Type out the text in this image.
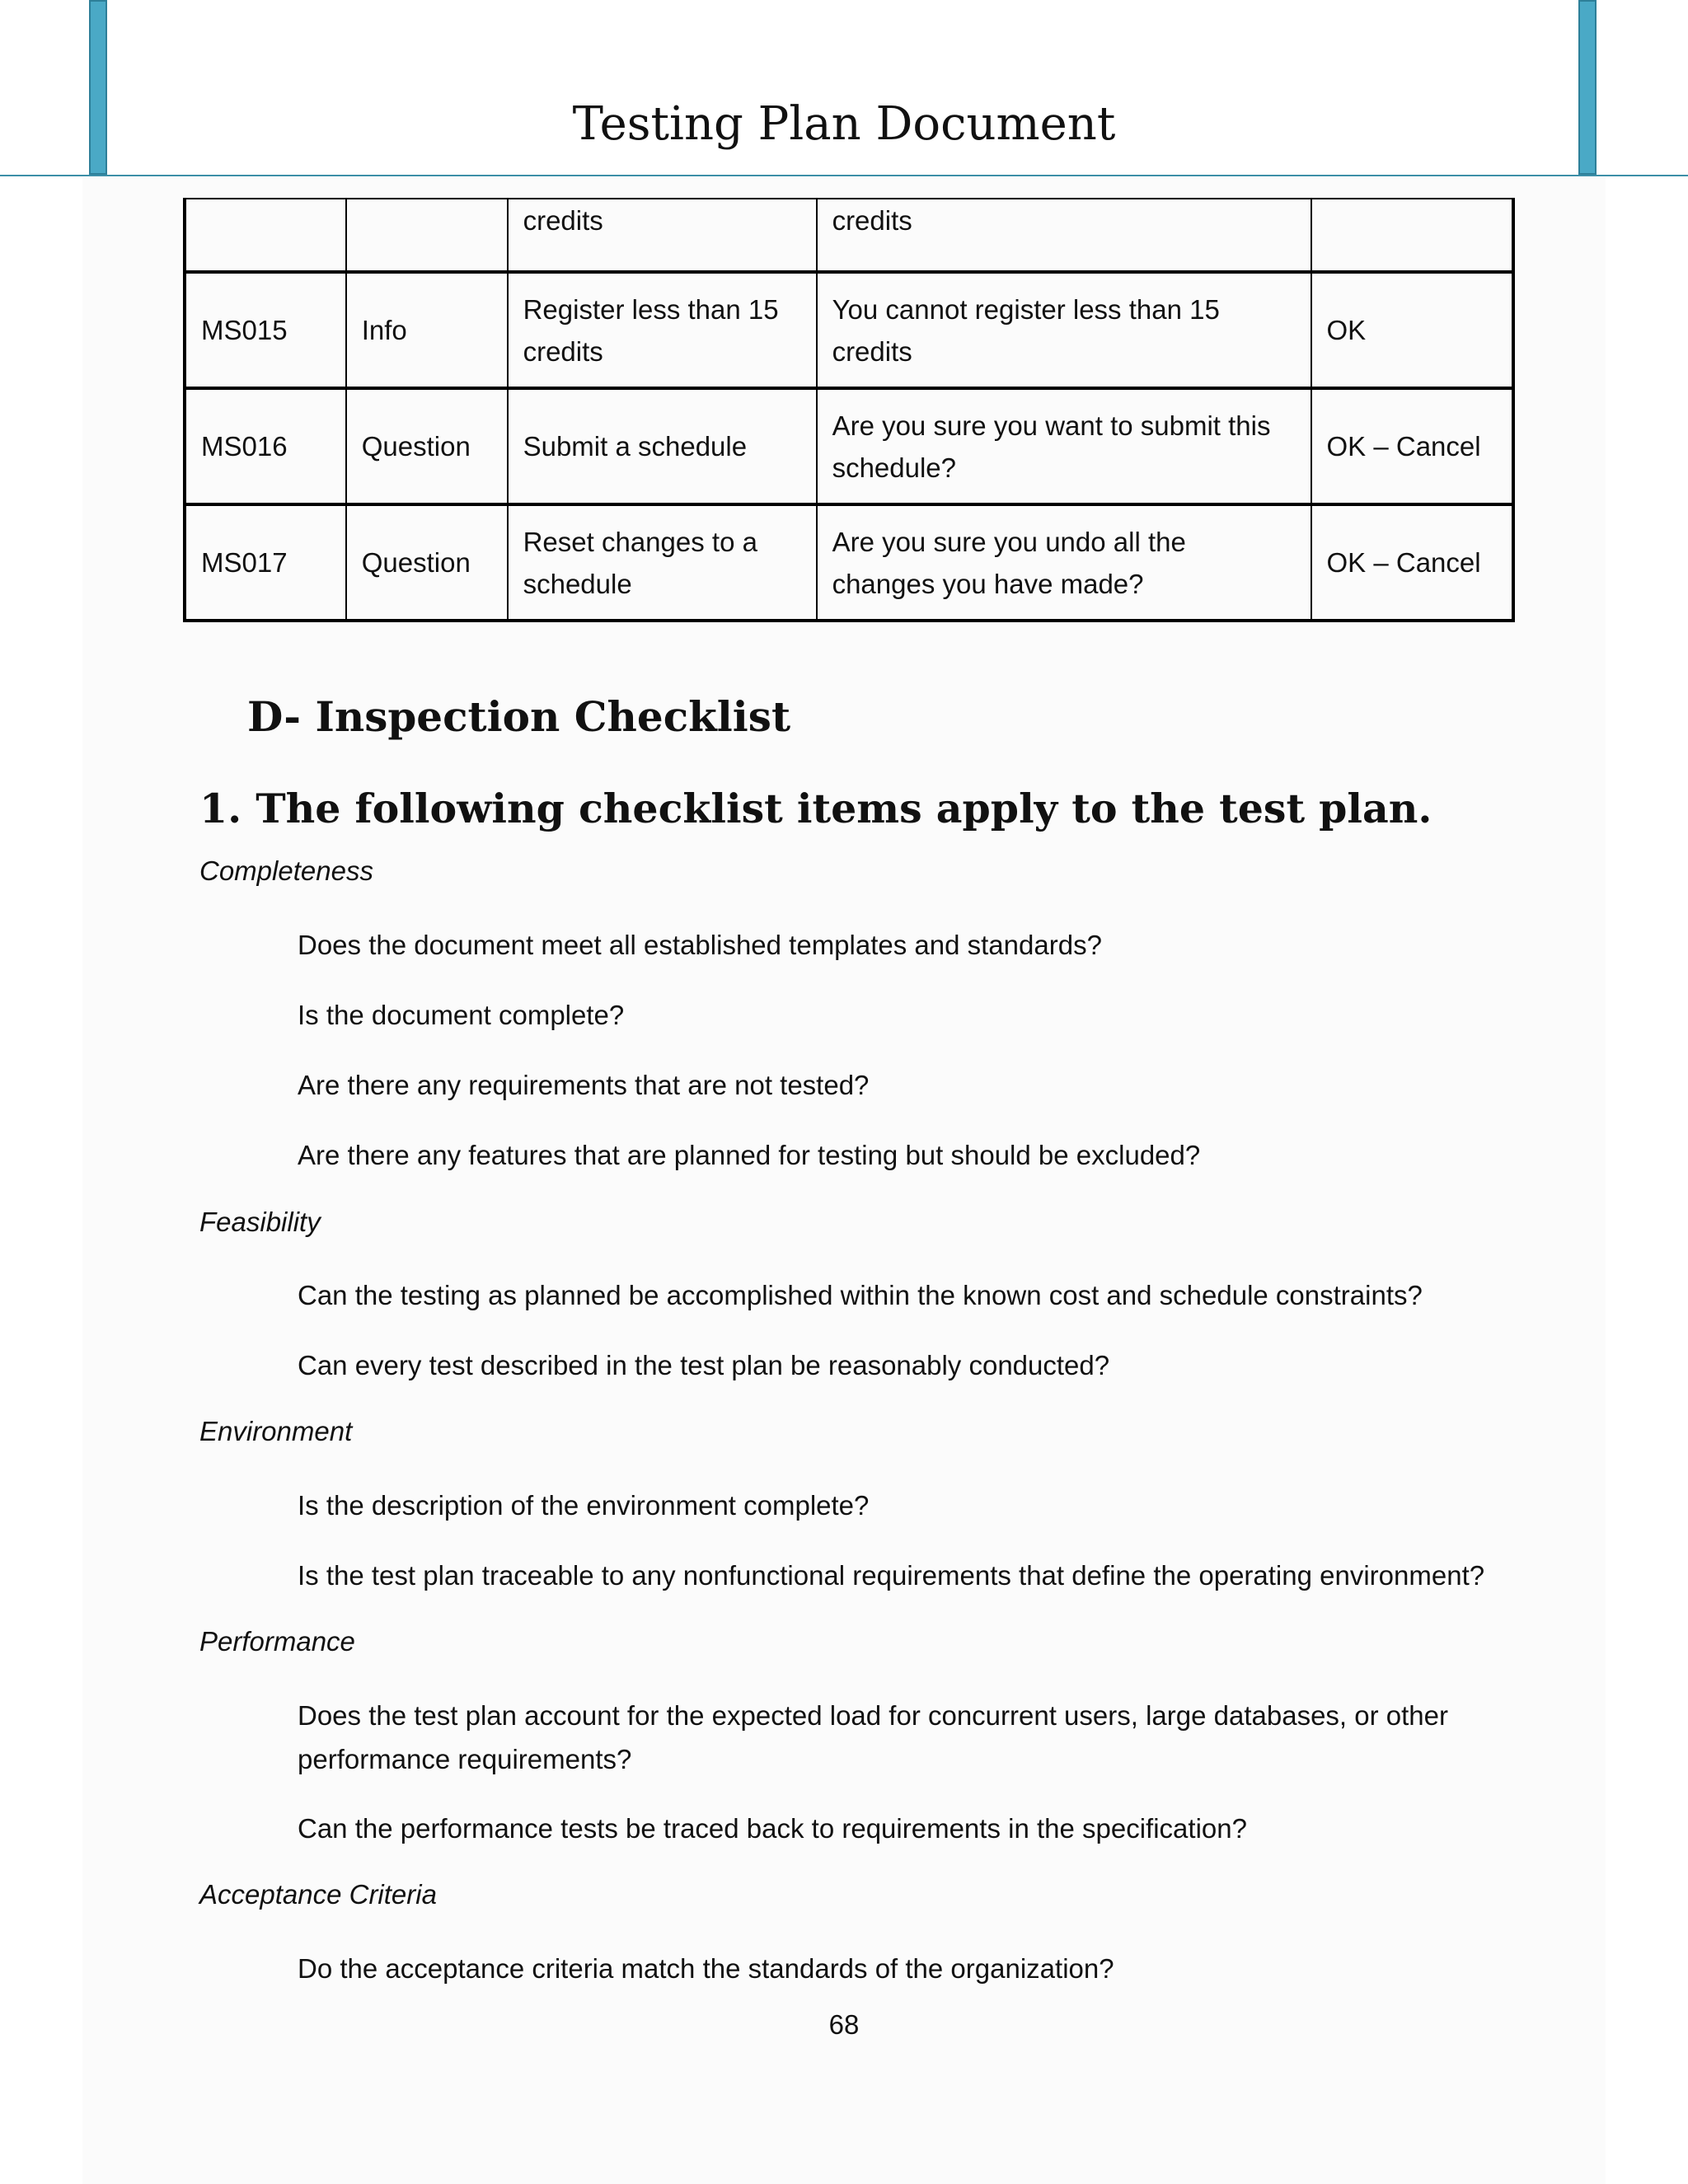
Testing Plan Document
		credits	credits	
MS015	Info	Register less than 15 credits	You cannot register less than 15 credits	OK
MS016	Question	Submit a schedule	Are you sure you want to submit this schedule?	OK – Cancel
MS017	Question	Reset changes to a schedule	Are you sure you undo all the changes you have made?	OK – Cancel
D- Inspection Checklist
1. The following checklist items apply to the test plan.
Completeness
Does the document meet all established templates and standards?
Is the document complete?
Are there any requirements that are not tested?
Are there any features that are planned for testing but should be excluded?
Feasibility
Can the testing as planned be accomplished within the known cost and schedule constraints?
Can every test described in the test plan be reasonably conducted?
Environment
Is the description of the environment complete?
Is the test plan traceable to any nonfunctional requirements that define the operating environment?
Performance
Does the test plan account for the expected load for concurrent users, large databases, or other performance requirements?
Can the performance tests be traced back to requirements in the specification?
Acceptance Criteria
Do the acceptance criteria match the standards of the organization?
68
